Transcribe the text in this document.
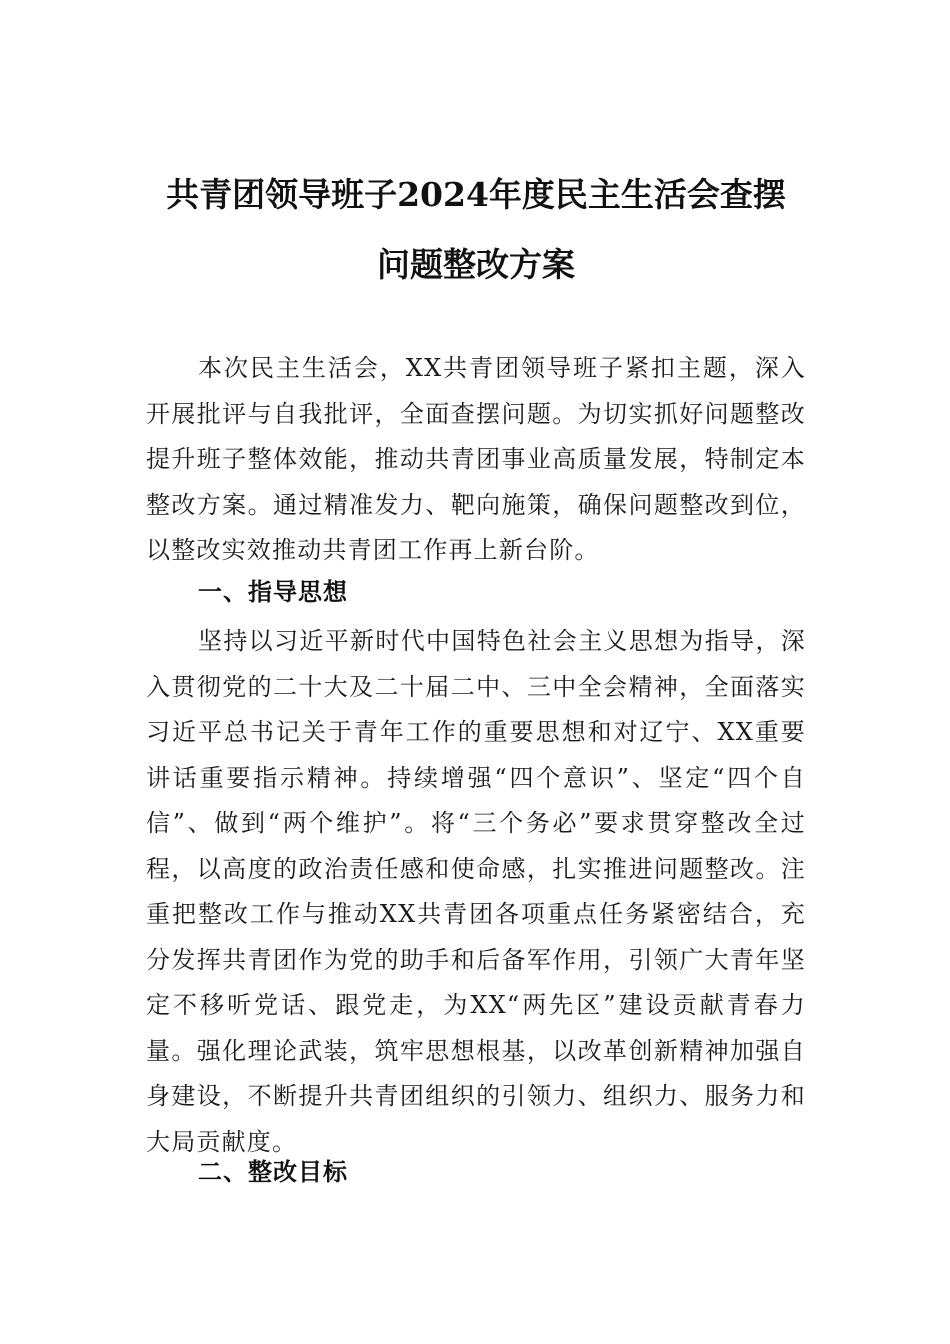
共青团领导班子2024年度民主生活会查摆
问题整改方案

本次民主生活会，XX共青团领导班子紧扣主题，深入开展批评与自我批评，全面查摆问题。为切实抓好问题整改提升班子整体效能，推动共青团事业高质量发展，特制定本整改方案。通过精准发力、靶向施策，确保问题整改到位，以整改实效推动共青团工作再上新台阶。

一、指导思想

坚持以习近平新时代中国特色社会主义思想为指导，深入贯彻党的二十大及二十届二中、三中全会精神，全面落实习近平总书记关于青年工作的重要思想和对辽宁、XX重要讲话重要指示精神。持续增强“四个意识”、坚定“四个自信”、做到“两个维护”。将“三个务必”要求贯穿整改全过程，以高度的政治责任感和使命感，扎实推进问题整改。注重把整改工作与推动XX共青团各项重点任务紧密结合，充分发挥共青团作为党的助手和后备军作用，引领广大青年坚定不移听党话、跟党走，为XX“两先区”建设贡献青春力量。强化理论武装，筑牢思想根基，以改革创新精神加强自身建设，不断提升共青团组织的引领力、组织力、服务力和大局贡献度。

二、整改目标
